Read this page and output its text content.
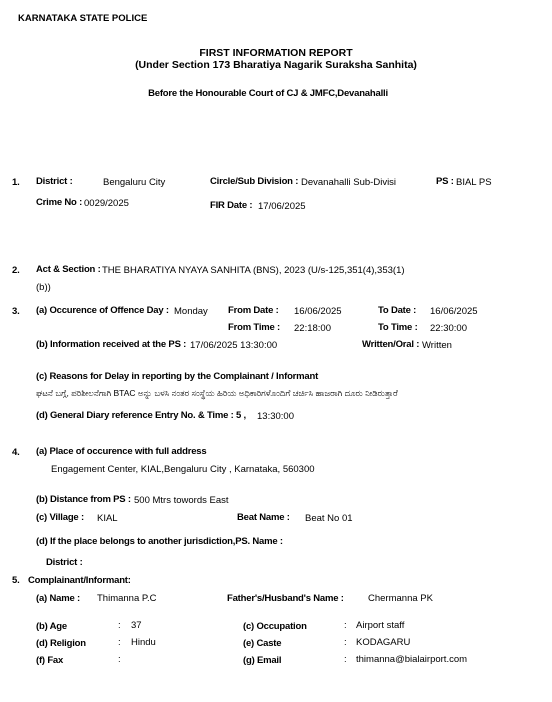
KARNATAKA STATE POLICE
FIRST INFORMATION REPORT
(Under Section 173 Bharatiya Nagarik Suraksha Sanhita)
Before the Honourable Court of CJ & JMFC,Devanahalli
1. District :	Bengaluru City	Circle/Sub Division : Devanahalli Sub-Divisi	PS : BIAL PS
Crime No : 0029/2025	FIR Date : 17/06/2025
2. Act & Section : THE BHARATIYA NYAYA SANHITA (BNS), 2023 (U/s-125,351(4),353(1)
(b))
3. (a) Occurence of Offence Day : Monday From Date : 16/06/2025	To Date : 16/06/2025
From Time : 22:18:00	To Time : 22:30:00
(b) Information received at the PS : 17/06/2025 13:30:00	Written/Oral : Written
(c) Reasons for Delay in reporting by the Complainant / Informant
ಘಟನೆ ಬಗ್ಗೆ, ಪರಿಶೀಲನೆಗಾಗಿ BTAC ಅನ್ನು ಬಳಸಿ ನಂತರ ಸಂಸ್ಥೆಯ ಹಿರಿಯ ಅಧಿಕಾರಿಗಳೊಂದಿಗೆ ಚರ್ಚಿಸಿ ಹಾಜರಾಗಿ ದೂರು ನೀಡಿರುತ್ತಾರೆ
(d) General Diary reference Entry No. & Time : 5 , 13:30:00
4. (a) Place of occurence with full address
Engagement Center, KIAL,Bengaluru City , Karnataka, 560300
(b) Distance from PS : 500 Mtrs towords East
(c) Village : KIAL	Beat Name : Beat No 01
(d) If the place belongs to another jurisdiction,PS. Name :
District :
5. Complainant/Informant:
(a) Name : Thimanna P.C	Father's/Husband's Name :	Chermanna PK
(b) Age	: 37	(c) Occupation	: Airport staff
(d) Religion	: Hindu	(e) Caste	: KODAGARU
(f) Fax	:	(g) Email	: thimanna@bialairport.com
